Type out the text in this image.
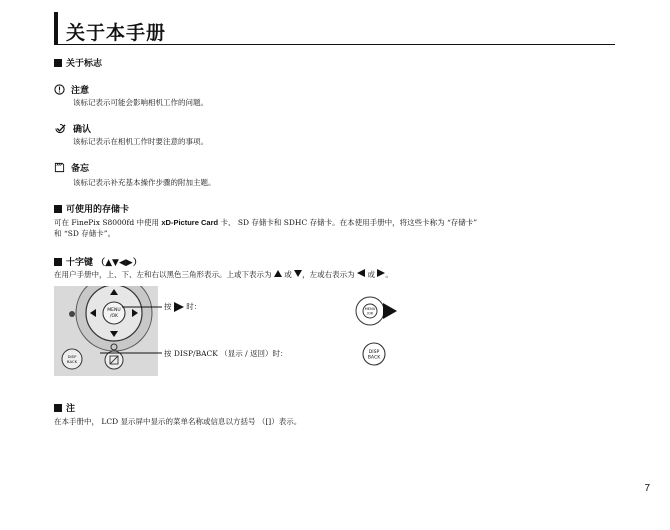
关于本手册
关于标志
注意
该标记表示可能会影响相机工作的问题。
确认
该标记表示在相机工作时要注意的事项。
备忘
该标记表示补充基本操作步骤的附加主题。
可使用的存储卡
可在 FinePix S8000fd 中使用 xD-Picture Card 卡、 SD 存储卡和 SDHC 存储卡。在本使用手册中，将这些卡称为 “存储卡”
和 “SD 存储卡”。
十字键 （▲▼◀▶）
在用户手册中，上、下、左和右以黑色三角形表示。上或下表示为 或 ，左或右表示为 或 。
MENU
/OK
DISP
BACK
按

时：
按 DISP/BACK （显示 / 返回）时：
MENU
/OK
DISP
BACK
注
在本手册中， LCD 显示屏中显示的菜单名称或信息以方括号 （[]）表示。
7
